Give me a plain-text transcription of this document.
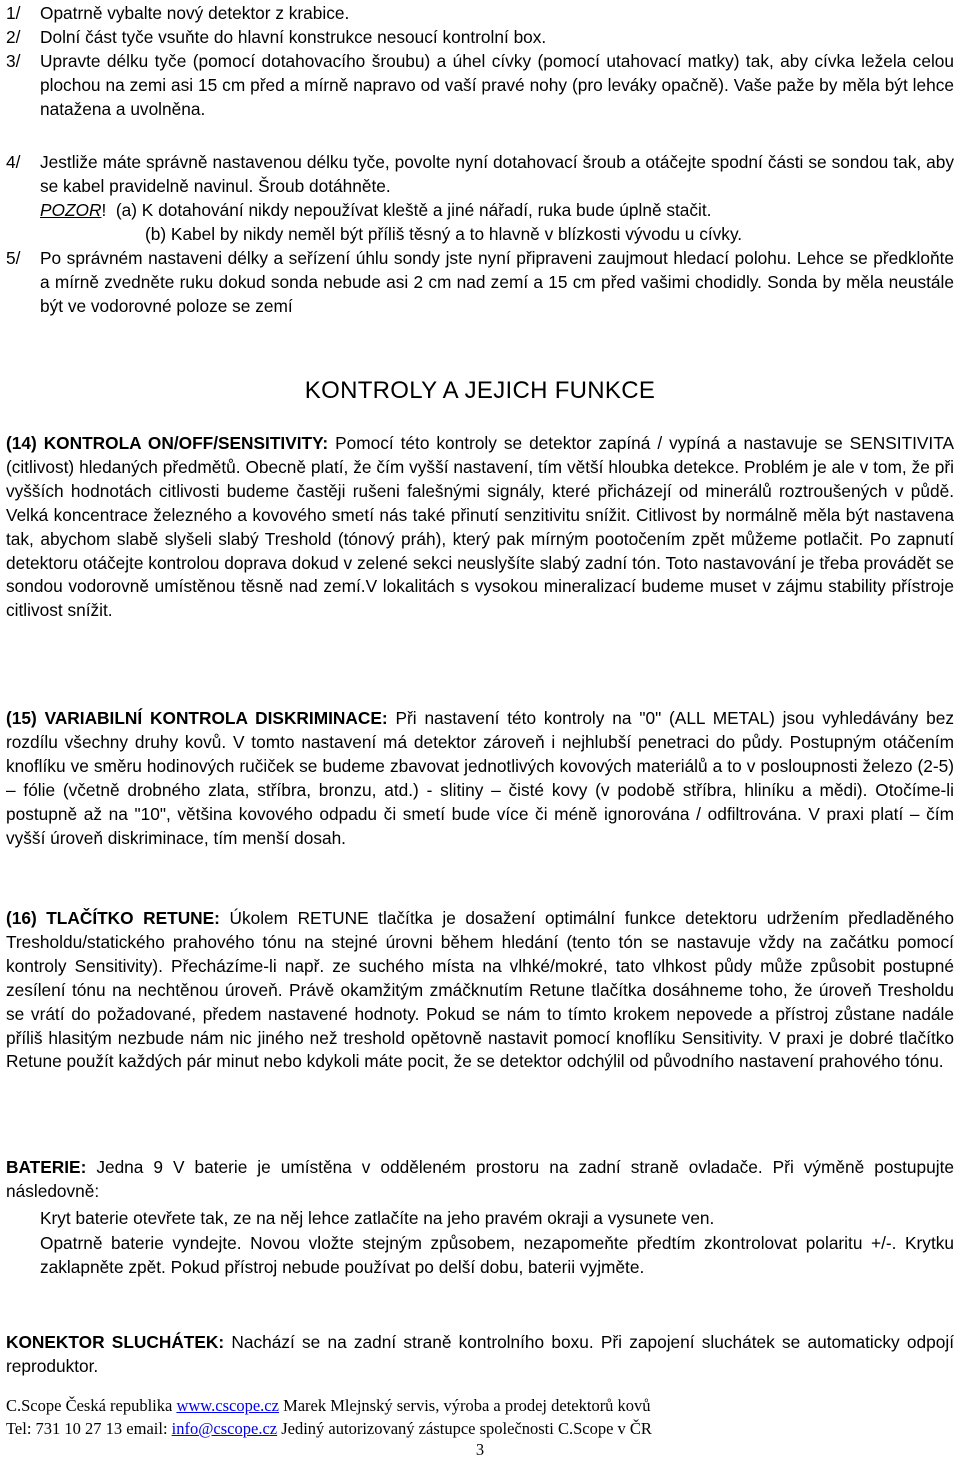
1/ Opatrně vybalte nový detektor z krabice.

2/ Dolní část tyče vsuňte do hlavní konstrukce nesoucí kontrolní box.

3/ Upravte délku tyče (pomocí dotahovacího šroubu) a úhel cívky (pomocí utahovací matky) tak, aby cívka ležela celou plochou na zemi asi 15 cm před a mírně napravo od vaší pravé nohy (pro leváky opačně). Vaše paže by měla být lehce natažena a uvolněna.

4/ Jestliže máte správně nastavenou délku tyče, povolte nyní dotahovací šroub a otáčejte spodní části se sondou tak, aby se kabel pravidelně navinul. Šroub dotáhněte.

POZOR! (a) K dotahování nikdy nepoužívat kleště a jiné nářadí, ruka bude úplně stačit.

(b) Kabel by nikdy neměl být příliš těsný a to hlavně v blízkosti vývodu u cívky.

5/ Po správném nastaveni délky a seřízení úhlu sondy jste nyní připraveni zaujmout hledací polohu. Lehce se předkloňte a mírně zvedněte ruku dokud sonda nebude asi 2 cm nad zemí a 15 cm před vašimi chodidly. Sonda by měla neustále být ve vodorovné poloze se zemí

KONTROLY A JEJICH FUNKCE

(14) KONTROLA ON/OFF/SENSITIVITY: Pomocí této kontroly se detektor zapíná / vypíná a nastavuje se SENSITIVITA (citlivost) hledaných předmětů. Obecně platí, že čím vyšší nastavení, tím větší hloubka detekce. Problém je ale v tom, že při vyšších hodnotách citlivosti budeme častěji rušeni falešnými signály, které přicházejí od minerálů roztroušených v půdě. Velká koncentrace železného a kovového smetí nás také přinutí senzitivitu snížit. Citlivost by normálně měla být nastavena tak, abychom slabě slyšeli slabý Treshold (tónový práh), který pak mírným pootočením zpět můžeme potlačit. Po zapnutí detektoru otáčejte kontrolou doprava dokud v zelené sekci neuslyšíte slabý zadní tón. Toto nastavování je třeba provádět se sondou vodorovně umístěnou těsně nad zemí.V lokalitách s vysokou mineralizací budeme muset v zájmu stability přístroje citlivost snížit.

(15) VARIABILNÍ KONTROLA DISKRIMINACE: Při nastavení této kontroly na "0" (ALL METAL) jsou vyhledávány bez rozdílu všechny druhy kovů. V tomto nastavení má detektor zároveň i nejhlubší penetraci do půdy. Postupným otáčením knoflíku ve směru hodinových ručiček se budeme zbavovat jednotlivých kovových materiálů a to v posloupnosti železo (2-5) – fólie (včetně drobného zlata, stříbra, bronzu, atd.) - slitiny – čisté kovy (v podobě stříbra, hliníku a mědi). Otočíme-li postupně až na "10", většina kovového odpadu či smetí bude více či méně ignorována / odfiltrována. V praxi platí – čím vyšší úroveň diskriminace, tím menší dosah.

(16) TLAČÍTKO RETUNE: Úkolem RETUNE tlačítka je dosažení optimální funkce detektoru udržením předladěného Tresholdu/statického prahového tónu na stejné úrovni během hledání (tento tón se nastavuje vždy na začátku pomocí kontroly Sensitivity). Přecházíme-li např. ze suchého místa na vlhké/mokré, tato vlhkost půdy může způsobit postupné zesílení tónu na nechtěnou úroveň. Právě okamžitým zmáčknutím Retune tlačítka dosáhneme toho, že úroveň Tresholdu se vrátí do požadované, předem nastavené hodnoty. Pokud se nám to tímto krokem nepovede a přístroj zůstane nadále příliš hlasitým nezbude nám nic jiného než treshold opětovně nastavit pomocí knoflíku Sensitivity. V praxi je dobré tlačítko Retune použít každých pár minut nebo kdykoli máte pocit, že se detektor odchýlil od původního nastavení prahového tónu.

BATERIE: Jedna 9 V baterie je umístěna v odděleném prostoru na zadní straně ovladače. Při výměně postupujte následovně:

Kryt baterie otevřete tak, ze na něj lehce zatlačíte na jeho pravém okraji a vysunete ven.

Opatrně baterie vyndejte. Novou vložte stejným způsobem, nezapomeňte předtím zkontrolovat polaritu +/-. Krytku zaklapněte zpět. Pokud přístroj nebude používat po delší dobu, baterii vyjměte.

KONEKTOR SLUCHÁTEK: Nachází se na zadní straně kontrolního boxu. Při zapojení sluchátek se automaticky odpojí reproduktor.

C.Scope Česká republika www.cscope.cz Marek Mlejnský servis, výroba a prodej detektorů kovů
Tel: 731 10 27 13 email: info@cscope.cz Jediný autorizovaný zástupce společnosti C.Scope v ČR
3
